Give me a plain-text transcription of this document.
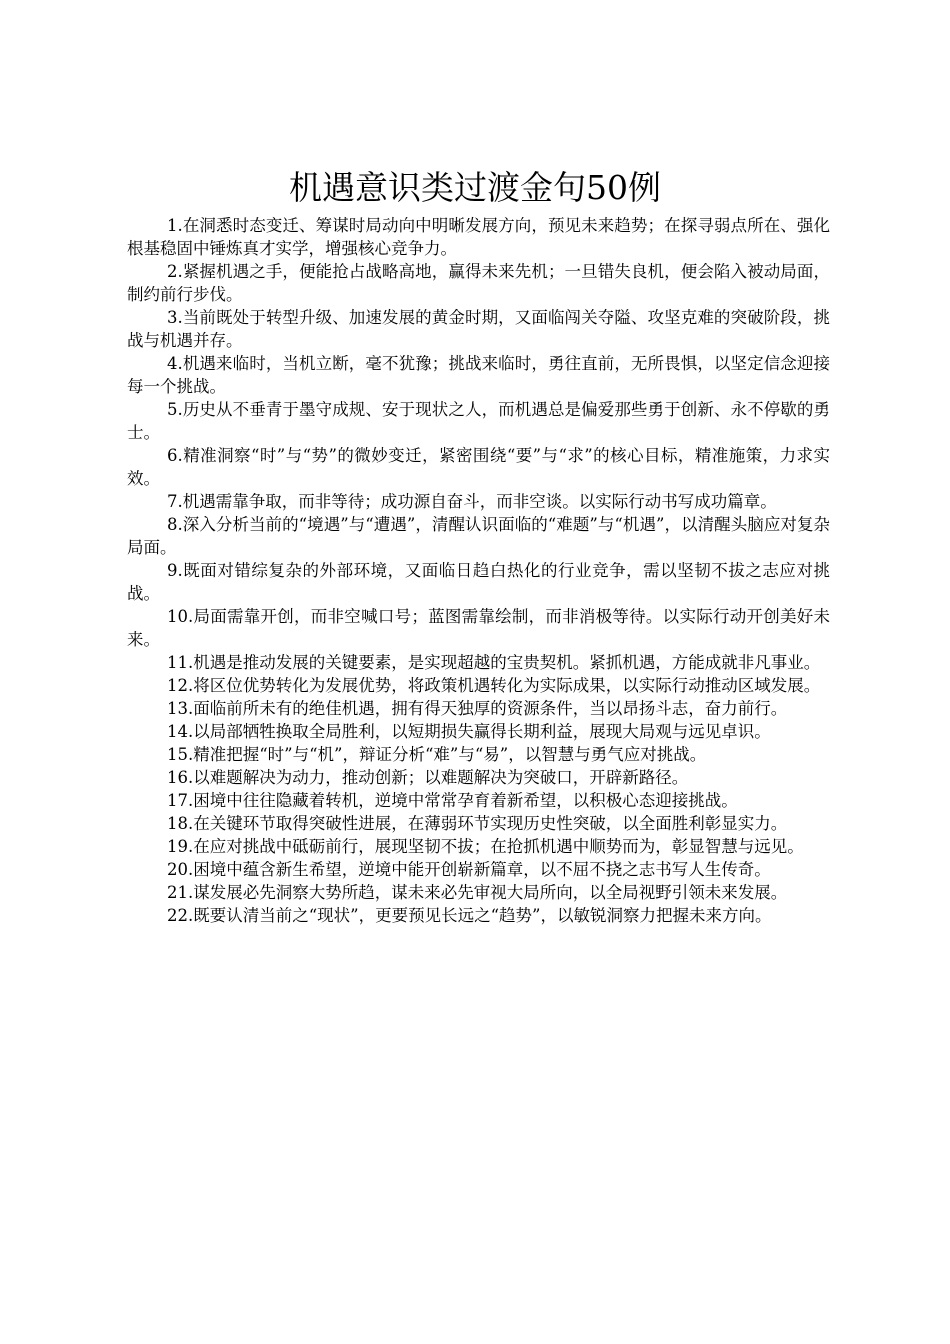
机遇意识类过渡金句50例

1.在洞悉时态变迁、筹谋时局动向中明晰发展方向，预见未来趋势；在探寻弱点所在、强化根基稳固中锤炼真才实学，增强核心竞争力。

2.紧握机遇之手，便能抢占战略高地，赢得未来先机；一旦错失良机，便会陷入被动局面，制约前行步伐。

3.当前既处于转型升级、加速发展的黄金时期，又面临闯关夺隘、攻坚克难的突破阶段，挑战与机遇并存。

4.机遇来临时，当机立断，毫不犹豫；挑战来临时，勇往直前，无所畏惧，以坚定信念迎接每一个挑战。

5.历史从不垂青于墨守成规、安于现状之人，而机遇总是偏爱那些勇于创新、永不停歇的勇士。

6.精准洞察“时”与“势”的微妙变迁，紧密围绕“要”与“求”的核心目标，精准施策，力求实效。

7.机遇需靠争取，而非等待；成功源自奋斗，而非空谈。以实际行动书写成功篇章。

8.深入分析当前的“境遇”与“遭遇”，清醒认识面临的“难题”与“机遇”，以清醒头脑应对复杂局面。

9.既面对错综复杂的外部环境，又面临日趋白热化的行业竞争，需以坚韧不拔之志应对挑战。

10.局面需靠开创，而非空喊口号；蓝图需靠绘制，而非消极等待。以实际行动开创美好未来。

11.机遇是推动发展的关键要素，是实现超越的宝贵契机。紧抓机遇，方能成就非凡事业。

12.将区位优势转化为发展优势，将政策机遇转化为实际成果，以实际行动推动区域发展。

13.面临前所未有的绝佳机遇，拥有得天独厚的资源条件，当以昂扬斗志，奋力前行。

14.以局部牺牲换取全局胜利，以短期损失赢得长期利益，展现大局观与远见卓识。

15.精准把握“时”与“机”，辩证分析“难”与“易”，以智慧与勇气应对挑战。

16.以难题解决为动力，推动创新；以难题解决为突破口，开辟新路径。

17.困境中往往隐藏着转机，逆境中常常孕育着新希望，以积极心态迎接挑战。

18.在关键环节取得突破性进展，在薄弱环节实现历史性突破，以全面胜利彰显实力。

19.在应对挑战中砥砺前行，展现坚韧不拔；在抢抓机遇中顺势而为，彰显智慧与远见。

20.困境中蕴含新生希望，逆境中能开创崭新篇章，以不屈不挠之志书写人生传奇。

21.谋发展必先洞察大势所趋，谋未来必先审视大局所向，以全局视野引领未来发展。

22.既要认清当前之“现状”，更要预见长远之“趋势”，以敏锐洞察力把握未来方向。
